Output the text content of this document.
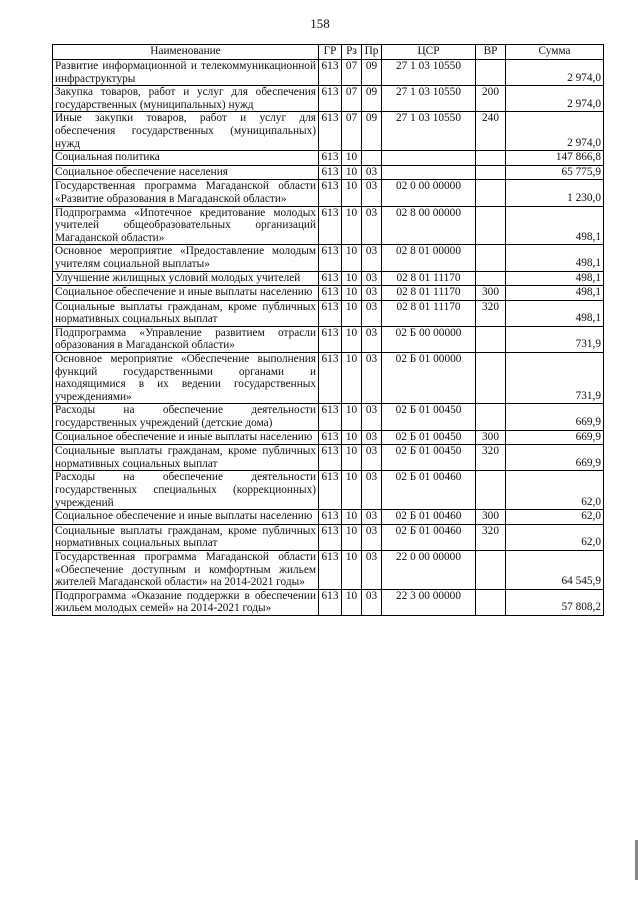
158
Наименование	ГР	Рз	Пр	ЦСР	ВР	Сумма
Развитие информационной и телекоммуникационной инфраструктуры	613	07	09	27 1 03 10550		2 974,0
Закупка товаров, работ и услуг для обеспечения государственных (муниципальных) нужд	613	07	09	27 1 03 10550	200	2 974,0
Иные закупки товаров, работ и услуг для обеспечения государственных (муниципальных) нужд	613	07	09	27 1 03 10550	240	2 974,0
Социальная политика	613	10				147 866,8
Социальное обеспечение населения	613	10	03			65 775,9
Государственная программа Магаданской области «Развитие образования в Магаданской области»	613	10	03	02 0 00 00000		1 230,0
Подпрограмма «Ипотечное кредитование молодых учителей общеобразовательных организаций Магаданской области»	613	10	03	02 8 00 00000		498,1
Основное мероприятие «Предоставление молодым учителям социальной выплаты»	613	10	03	02 8 01 00000		498,1
Улучшение жилищных условий молодых учителей	613	10	03	02 8 01 11170		498,1
Социальное обеспечение и иные выплаты населению	613	10	03	02 8 01 11170	300	498,1
Социальные выплаты гражданам, кроме публичных нормативных социальных выплат	613	10	03	02 8 01 11170	320	498,1
Подпрограмма «Управление развитием отрасли образования в Магаданской области»	613	10	03	02 Б 00 00000		731,9
Основное мероприятие «Обеспечение выполнения функций государственными органами и находящимися в их ведении государственных учреждениями»	613	10	03	02 Б 01 00000		731,9
Расходы на обеспечение деятельности государственных учреждений (детские дома)	613	10	03	02 Б 01 00450		669,9
Социальное обеспечение и иные выплаты населению	613	10	03	02 Б 01 00450	300	669,9
Социальные выплаты гражданам, кроме публичных нормативных социальных выплат	613	10	03	02 Б 01 00450	320	669,9
Расходы на обеспечение деятельности государственных специальных (коррекционных) учреждений	613	10	03	02 Б 01 00460		62,0
Социальное обеспечение и иные выплаты населению	613	10	03	02 Б 01 00460	300	62,0
Социальные выплаты гражданам, кроме публичных нормативных социальных выплат	613	10	03	02 Б 01 00460	320	62,0
Государственная программа Магаданской области «Обеспечение доступным и комфортным жильем жителей Магаданской области» на 2014-2021 годы»	613	10	03	22 0 00 00000		64 545,9
Подпрограмма «Оказание поддержки в обеспечении жильем молодых семей» на 2014-2021 годы»	613	10	03	22 3 00 00000		57 808,2
